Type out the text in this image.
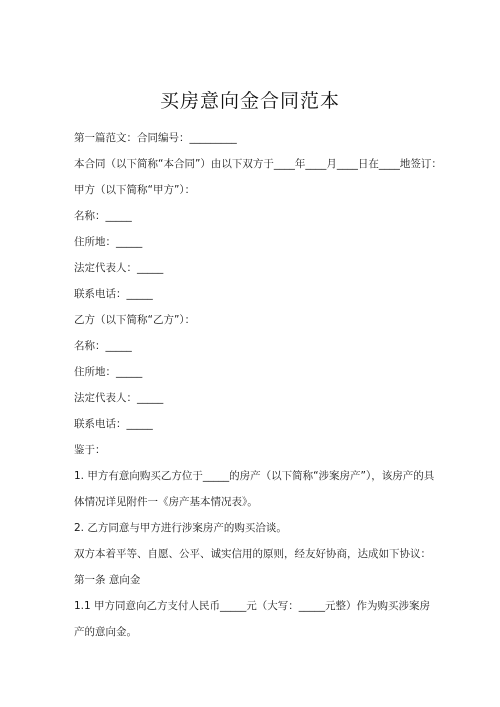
买房意向金合同范本
第一篇范文：合同编号：_________
本合同（以下简称“本合同”）由以下双方于____年____月____日在____地签订：
甲方（以下简称“甲方”）：
名称：_____
住所地：_____
法定代表人：_____
联系电话：_____
乙方（以下简称“乙方”）：
名称：_____
住所地：_____
法定代表人：_____
联系电话：_____
鉴于：
1. 甲方有意向购买乙方位于_____的房产（以下简称“涉案房产”），该房产的具
体情况详见附件一《房产基本情况表》。
2. 乙方同意与甲方进行涉案房产的购买洽谈。
双方本着平等、自愿、公平、诚实信用的原则，经友好协商，达成如下协议：
第一条 意向金
1.1 甲方同意向乙方支付人民币_____元（大写：_____元整）作为购买涉案房
产的意向金。
